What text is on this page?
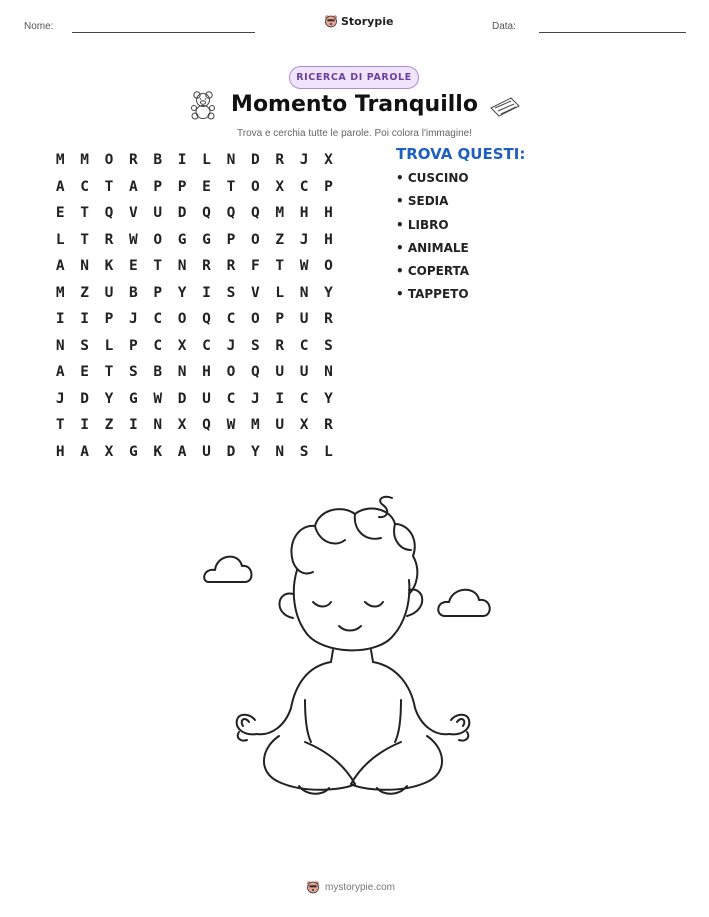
Nome:	Storypie	Data:
RICERCA DI PAROLE
Momento Tranquillo
Trova e cerchia tutte le parole. Poi colora l'immagine!
M	M	O	R	B	I	L	N	D	R	J	X
A	C	T	A	P	P	E	T	O	X	C	P
E	T	Q	V	U	D	Q	Q	Q	M	H	H
L	T	R	W	O	G	G	P	O	Z	J	H
A	N	K	E	T	N	R	R	F	T	W	O
M	Z	U	B	P	Y	I	S	V	L	N	Y
I	I	P	J	C	O	Q	C	O	P	U	R
N	S	L	P	C	X	C	J	S	R	C	S
A	E	T	S	B	N	H	O	Q	U	U	N
J	D	Y	G	W	D	U	C	J	I	C	Y
T	I	Z	I	N	X	Q	W	M	U	X	R
H	A	X	G	K	A	U	D	Y	N	S	L
TROVA QUESTI:
• CUSCINO
• SEDIA
• LIBRO
• ANIMALE
• COPERTA
• TAPPETO
mystorypie.com
